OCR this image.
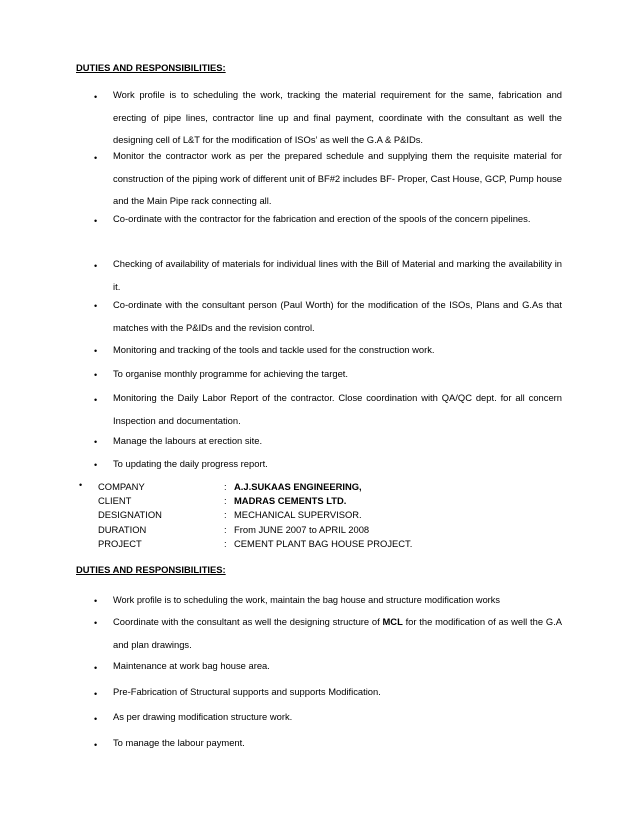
DUTIES AND RESPONSIBILITIES:
• Work profile is to scheduling the work, tracking the material requirement for the same, fabrication and erecting of pipe lines, contractor line up and final payment, coordinate with the consultant as well the designing cell of L&T for the modification of ISOs’ as well the G.A & P&IDs.
• Monitor the contractor work as per the prepared schedule and supplying them the requisite material for construction of the piping work of different unit of BF#2 includes BF- Proper, Cast House, GCP, Pump house and the Main Pipe rack connecting all.
• Co-ordinate with the contractor for the fabrication and erection of the spools of the concern pipelines.
• Checking of availability of materials for individual lines with the Bill of Material and marking the availability in it.
• Co-ordinate with the consultant person (Paul Worth) for the modification of the ISOs, Plans and G.As that matches with the P&IDs and the revision control.
• Monitoring and tracking of the tools and tackle used for the construction work.
• To organise monthly programme for achieving the target.
• Monitoring the Daily Labor Report of the contractor. Close coordination with QA/QC dept. for all concern Inspection and documentation.
• Manage the labours at erection site.
• To updating the daily progress report.
• COMPANY	: A.J.SUKAAS ENGINEERING,
CLIENT	: MADRAS CEMENTS LTD.
DESIGNATION	: MECHANICAL SUPERVISOR.
DURATION	: From JUNE 2007 to APRIL 2008
PROJECT	: CEMENT PLANT BAG HOUSE PROJECT.
DUTIES AND RESPONSIBILITIES:
• Work profile is to scheduling the work, maintain the bag house and structure modification works
• Coordinate with the consultant as well the designing structure of MCL for the modification of as well the G.A and plan drawings.
• Maintenance at work bag house area.
• Pre-Fabrication of Structural supports and supports Modification.
• As per drawing modification structure work.
• To manage the labour payment.
